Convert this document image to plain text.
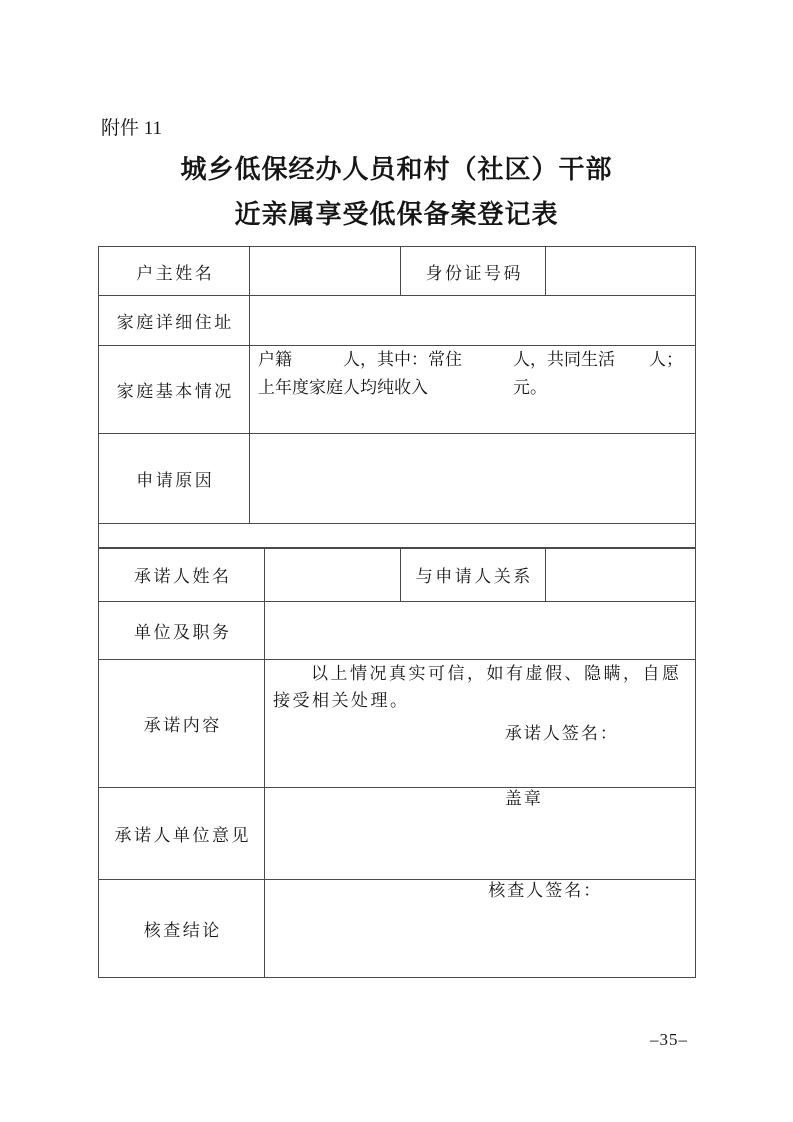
附件 11
城乡低保经办人员和村（社区）干部
近亲属享受低保备案登记表
户主姓名		身份证号码	
家庭详细住址			
家庭基本情况	户籍　　　人，其中：常住　　　人，共同生活　　人；
上年度家庭人均纯收入　　　　　元。		

申请原因			

承诺人姓名		与申请人关系	
单位及职务			
承诺内容	以上情况真实可信，如有虚假、隐瞒，自愿
接受相关处理。
承诺人签名：		

承诺人单位意见	盖章		

核查结论	核查人签名：		
–35–
